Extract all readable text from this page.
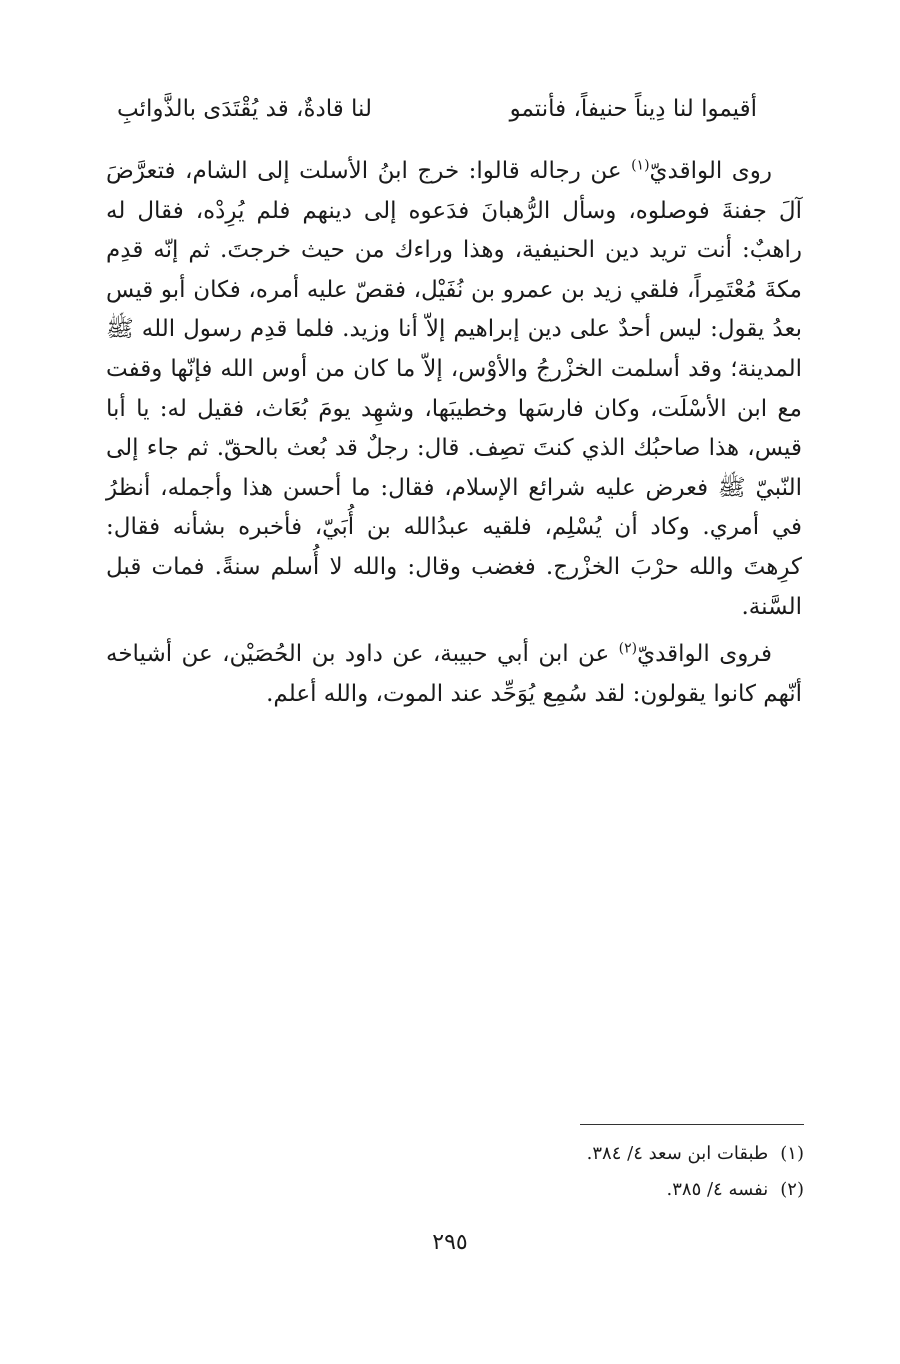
أقيموا لنا دِيناً حنيفاً، فأنتمو
لنا قادةٌ، قد يُقْتَدَى بالذَّوائبِ

روى الواقديّ$^{(١)}$ عن رجاله قالوا: خرج ابنُ الأسلت إلى الشام، فتعرَّضَ آلَ جفنةَ فوصلوه، وسأل الرُّهبانَ فدَعوه إلى دينهم فلم يُرِدْه، فقال له راهبٌ: أنت تريد دين الحنيفية، وهذا وراءك من حيث خرجتَ. ثم إنّه قدِم مكةَ مُعْتَمِراً، فلقي زيد بن عمرو بن نُفَيْل، فقصّ عليه أمره، فكان أبو قيس بعدُ يقول: ليس أحدٌ على دين إبراهيم إلاّ أنا وزيد. فلما قدِم رسول الله ﷺ المدينة؛ وقد أسلمت الخزْرجُ والأوْس، إلاّ ما كان من أوس الله فإنّها وقفت مع ابن الأسْلَت، وكان فارسَها وخطيبَها، وشهِد يومَ بُعَاث، فقيل له: يا أبا قيس، هذا صاحبُك الذي كنتَ تصِف. قال: رجلٌ قد بُعث بالحقّ. ثم جاء إلى النّبيّ ﷺ فعرض عليه شرائع الإسلام، فقال: ما أحسن هذا وأجمله، أنظرُ في أمري. وكاد أن يُسْلِم، فلقيه عبدُالله بن أُبَيّ، فأخبره بشأنه فقال: كرِهتَ والله حرْبَ الخزْرج. فغضب وقال: والله لا أُسلم سنةً. فمات قبل السَّنة.

فروى الواقديّ$^{(٢)}$ عن ابن أبي حبيبة، عن داود بن الحُصَيْن، عن أشياخه أنّهم كانوا يقولون: لقد سُمِع يُوَحِّد عند الموت، والله أعلم.

(١) طبقات ابن سعد ٤/ ٣٨٤.
(٢) نفسه ٤/ ٣٨٥.
٢٩٥
